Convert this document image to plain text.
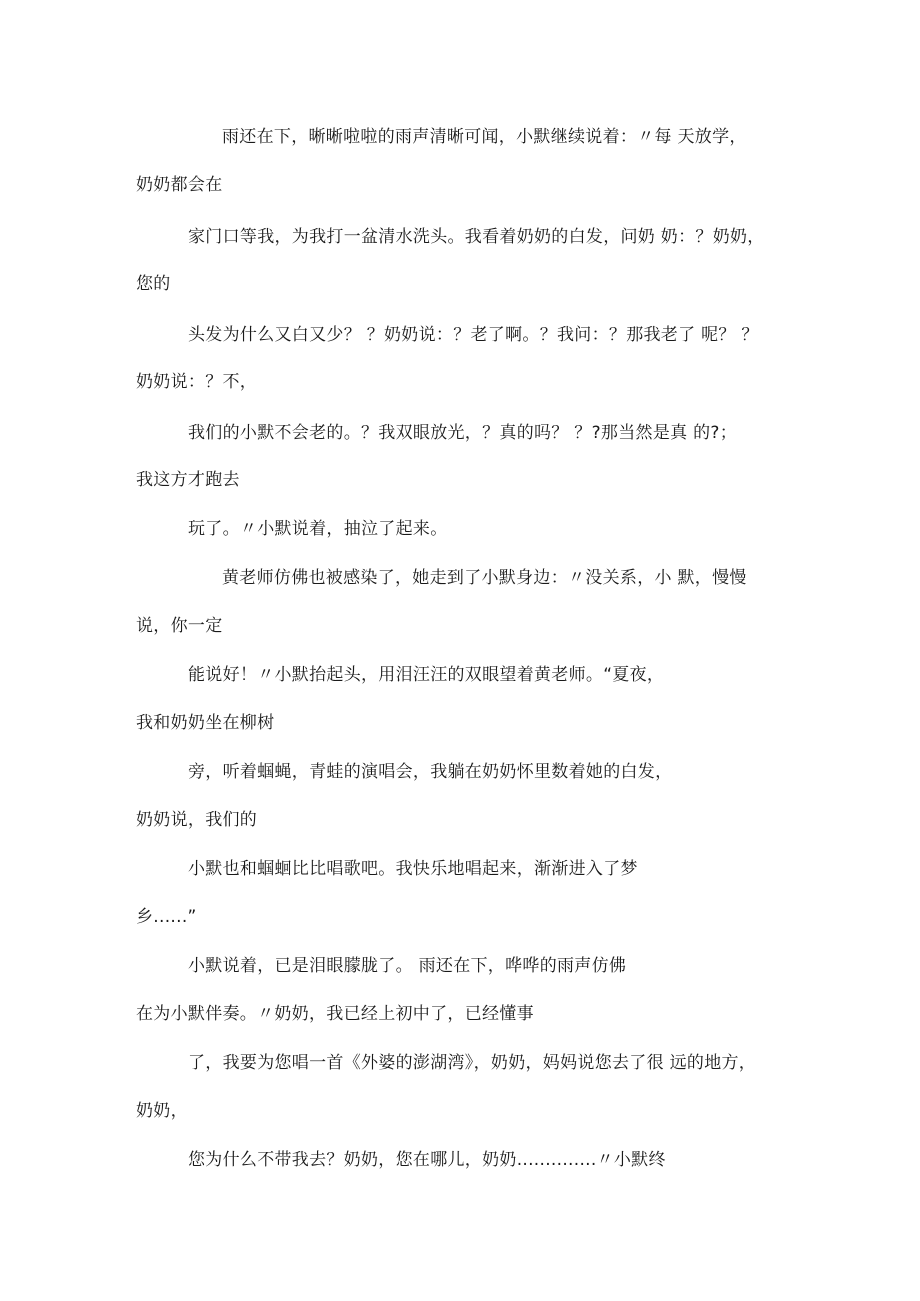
雨还在下，晰晰啦啦的雨声清晰可闻，小默继续说着：〃每 天放学，
奶奶都会在
家门口等我，为我打一盆清水洗头。我看着奶奶的白发，问奶 奶：？奶奶，
您的
头发为什么又白又少？ ？奶奶说：？老了啊。？我问：？那我老了 呢？ ？
奶奶说：？不，
我们的小默不会老的。？我双眼放光，？真的吗？ ？?那当然是真 的?；
我这方才跑去
玩了。〃小默说着，抽泣了起来。
黄老师仿佛也被感染了，她走到了小默身边：〃没关系，小 默，慢慢
说，你一定
能说好！〃小默抬起头，用泪汪汪的双眼望着黄老师。“夏夜，
我和奶奶坐在柳树
旁，听着蝈蝇，青蛙的演唱会，我躺在奶奶怀里数着她的白发，
奶奶说，我们的
小默也和蝈蛔比比唱歌吧。我快乐地唱起来，渐渐进入了梦
乡......”
小默说着，已是泪眼朦胧了。 雨还在下，哗哗的雨声仿佛
在为小默伴奏。〃奶奶，我已经上初中了，已经懂事
了，我要为您唱一首《外婆的澎湖湾》，奶奶，妈妈说您去了很 远的地方，
奶奶，
您为什么不带我去？奶奶，您在哪儿，奶奶..............〃小默终
